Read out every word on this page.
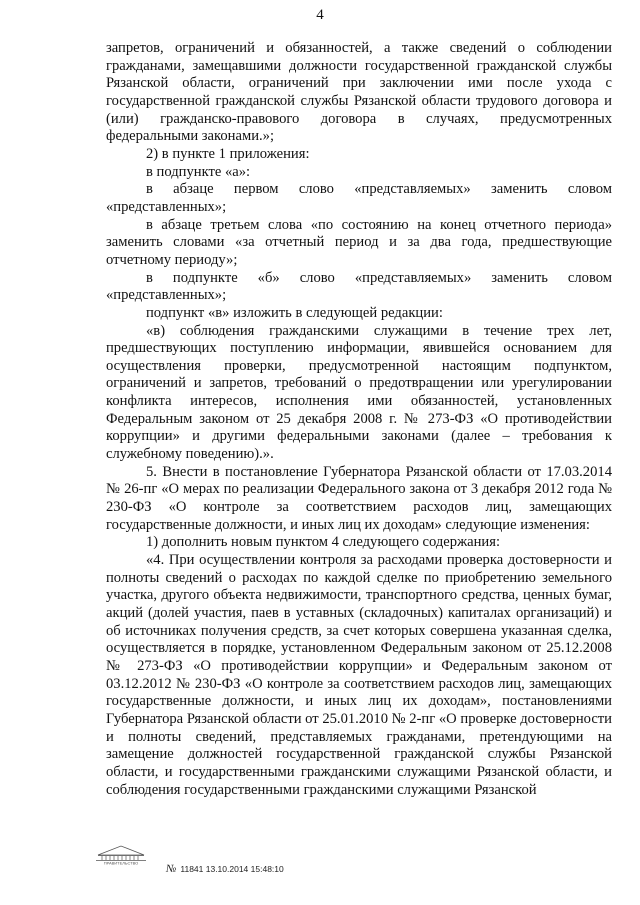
4

запретов, ограничений и обязанностей, а также сведений о соблюдении гражданами, замещавшими должности государственной гражданской службы Рязанской области, ограничений при заключении ими после ухода с государственной гражданской службы Рязанской области трудового договора и (или) гражданско-правового договора в случаях, предусмотренных федеральными законами.»;

2) в пункте 1 приложения:

в подпункте «а»:

в абзаце первом слово «представляемых» заменить словом «представленных»;

в абзаце третьем слова «по состоянию на конец отчетного периода» заменить словами «за отчетный период и за два года, предшествующие отчетному периоду»;

в подпункте «б» слово «представляемых» заменить словом «представленных»;

подпункт «в» изложить в следующей редакции:

«в) соблюдения гражданскими служащими в течение трех лет, предшествующих поступлению информации, явившейся основанием для осуществления проверки, предусмотренной настоящим подпунктом, ограничений и запретов, требований о предотвращении или урегулировании конфликта интересов, исполнения ими обязанностей, установленных Федеральным законом от 25 декабря 2008 г. № 273-ФЗ «О противодействии коррупции» и другими федеральными законами (далее – требования к служебному поведению).».

5. Внести в постановление Губернатора Рязанской области от 17.03.2014 № 26-пг «О мерах по реализации Федерального закона от 3 декабря 2012 года № 230-ФЗ «О контроле за соответствием расходов лиц, замещающих государственные должности, и иных лиц их доходам» следующие изменения:

1) дополнить новым пунктом 4 следующего содержания:

«4. При осуществлении контроля за расходами проверка достоверности и полноты сведений о расходах по каждой сделке по приобретению земельного участка, другого объекта недвижимости, транспортного средства, ценных бумаг, акций (долей участия, паев в уставных (складочных) капиталах организаций) и об источниках получения средств, за счет которых совершена указанная сделка, осуществляется в порядке, установленном Федеральным законом от 25.12.2008 № 273-ФЗ «О противодействии коррупции» и Федеральным законом от 03.12.2012 № 230-ФЗ «О контроле за соответствием расходов лиц, замещающих государственные должности, и иных лиц их доходам», постановлениями Губернатора Рязанской области от 25.01.2010 № 2-пг «О проверке достоверности и полноты сведений, представляемых гражданами, претендующими на замещение должностей государственной гражданской службы Рязанской области, и государственными гражданскими служащими Рязанской области, и соблюдения государственными гражданскими служащими Рязанской

ПРАВИТЕЛЬСТВО	№ 11841 13.10.2014 15:48:10
